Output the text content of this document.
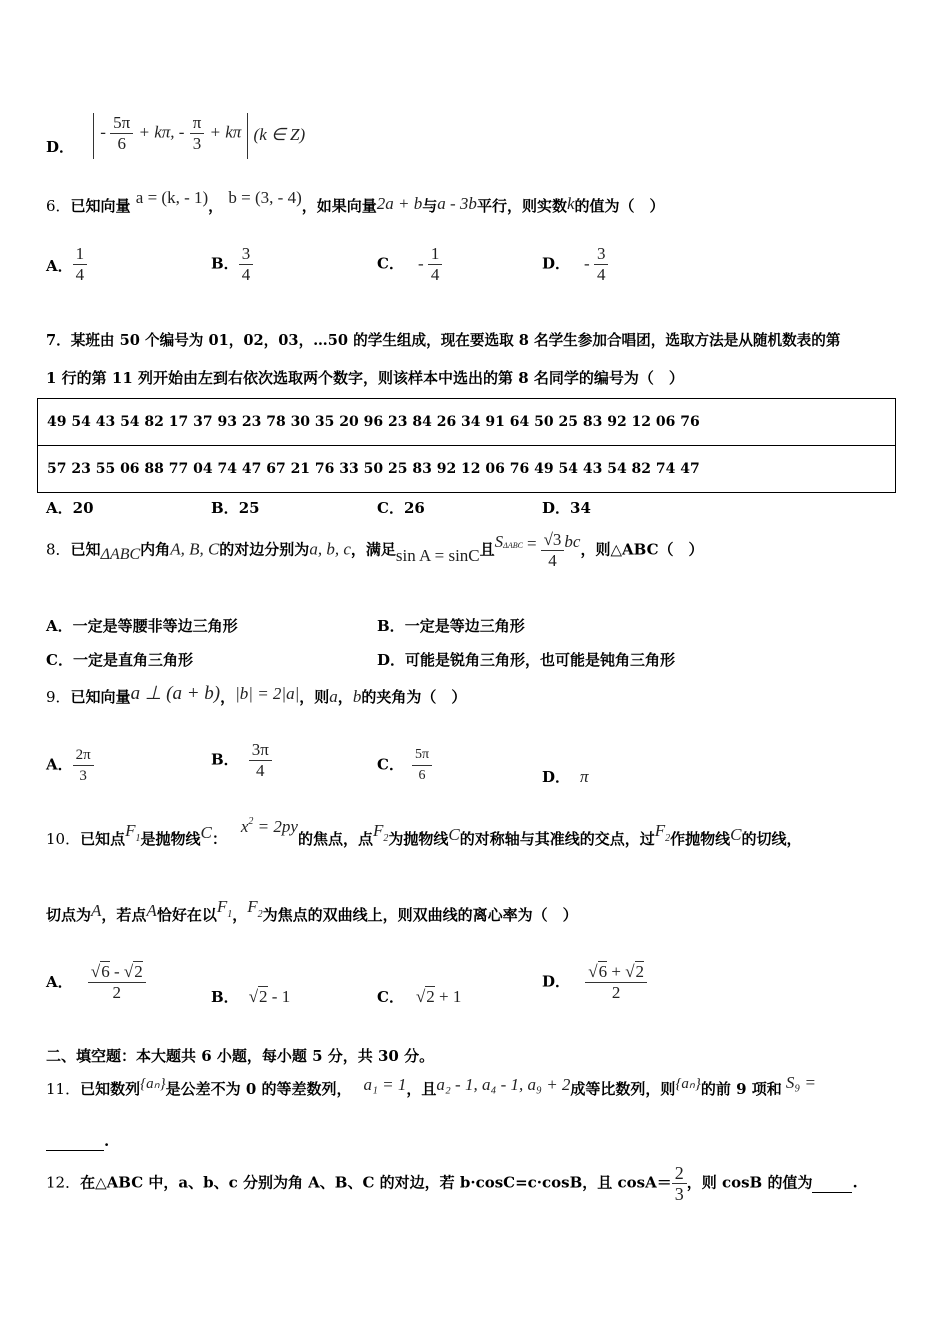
D． - $\frac{5\pi}{6} + k\pi$, - $\frac{\pi}{3} + k\pi$ (k ∈ Z)
6．已知向量 a = (k, - 1)， b = (3, - 4)，如果向量2a + b与a - 3b平行，则实数k的值为（　）
A． $\frac{1}{4}$	B． $\frac{3}{4}$	C． - $\frac{1}{4}$	D． - $\frac{3}{4}$
7．某班由 50 个编号为 01，02，03，…50 的学生组成，现在要选取 8 名学生参加合唱团，选取方法是从随机数表的第
1 行的第 11 列开始由左到右依次选取两个数字，则该样本中选出的第 8 名同学的编号为（　）
49 54 43 54 82 17 37 93 23 78 30 35 20 96 23 84 26 34 91 64 50 25 83 92 12 06 76
57 23 55 06 88 77 04 74 47 67 21 76 33 50 25 83 92 12 06 76 49 54 43 54 82 74 47
A．20	B．25	C．26	D．34
8．已知ΔABC内角A, B, C的对边分别为a, b, c，满足sin A = sinC且$S^{\Delta ABC} = \frac{√3}{4}$ bc，则△ABC（　）
A．一定是等腰非等边三角形	B．一定是等边三角形
C．一定是直角三角形	D．可能是锐角三角形，也可能是钝角三角形
9．已知向量a ⊥ (a + b)，|b| = 2|a|，则a，b的夹角为（　）
A． $\frac{2\pi}{3}$	B． $\frac{3\pi}{4}$	C． $\frac{5\pi}{6}$	D． π
10．已知点$F^1$是抛物线C：$x^2 = 2py$的焦点，点$F^2$为抛物线C的对称轴与其准线的交点，过$F^2$作抛物线C的切线，
切点为A，若点A恰好在以$F^1$，$F^2$为焦点的双曲线上，则双曲线的离心率为（　）
A． $\frac{√6 - √2}{2}$	B． √2 - 1	C． √2 + 1
D． $\frac{√6 + √2}{2}$
二、填空题：本大题共 6 小题，每小题 5 分，共 30 分。
11．已知数列{aₙ}是公差不为 0 的等差数列， a₁ = 1，且a₂ - 1, a₄ - 1, a₉ + 2成等比数列，则{aₙ}的前 9 项和 S₉ =
.
12．在△ABC 中，a、b、c 分别为角 A、B、C 的对边，若 b·cosC=c·cosB，且 $\cos A= \frac{2}{3}$ ，则 cosB 的值为	.
